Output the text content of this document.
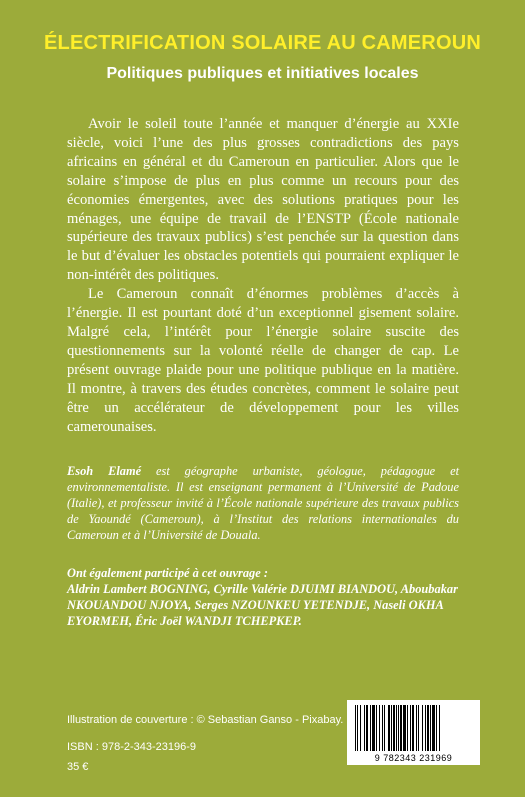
ÉLECTRIFICATION SOLAIRE AU CAMEROUN
Politiques publiques et initiatives locales

Avoir le soleil toute l’année et manquer d’énergie au XXIe siècle, voici l’une des plus grosses contradictions des pays africains en général et du Cameroun en particulier. Alors que le solaire s’impose de plus en plus comme un recours pour des économies émergentes, avec des solutions pratiques pour les ménages, une équipe de travail de l’ENSTP (École nationale supérieure des travaux publics) s’est penchée sur la question dans le but d’évaluer les obstacles potentiels qui pourraient expliquer le non-intérêt des politiques.

Le Cameroun connaît d’énormes problèmes d’accès à l’énergie. Il est pourtant doté d’un exceptionnel gisement solaire. Malgré cela, l’intérêt pour l’énergie solaire suscite des questionnements sur la volonté réelle de changer de cap. Le présent ouvrage plaide pour une politique publique en la matière. Il montre, à travers des études concrètes, comment le solaire peut être un accélérateur de développement pour les villes camerounaises.

Esoh Elamé est géographe urbaniste, géologue, pédagogue et environnementaliste. Il est enseignant permanent à l’Université de Padoue (Italie), et professeur invité à l’École nationale supérieure des travaux publics de Yaoundé (Cameroun), à l’Institut des relations internationales du Cameroun et à l’Université de Douala.

Ont également participé à cet ouvrage :
Aldrin Lambert BOGNING, Cyrille Valérie DJUIMI BIANDOU, Aboubakar NKOUANDOU NJOYA, Serges NZOUNKEU YETENDJE, Naseli OKHA EYORMEH, Éric Joël WANDJI TCHEPKEP.

Illustration de couverture : © Sebastian Ganso - Pixabay.

ISBN : 978-2-343-23196-9

35 €

9 782343 231969
